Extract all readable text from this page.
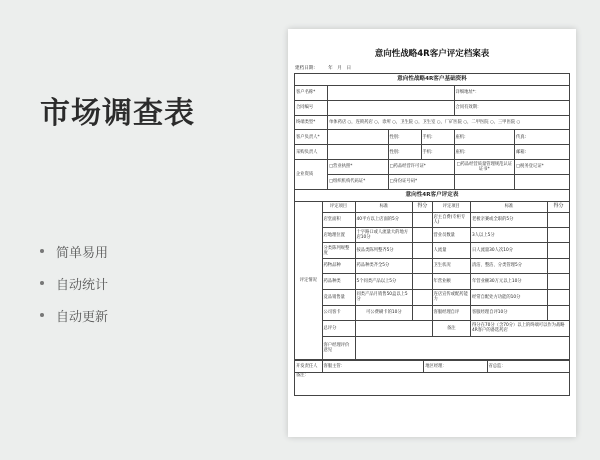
市场调查表
简单易用
自动统计
自动更新
意向性战略4R客户评定档案表
建档日期:	年　月　日
意向性战略4R客户基础资料					
客户名称*				详细地址*：	
合同编号				合同有效期：	
终端类型*	单体药店 ○，连锁药店 ○，诊所 ○，卫生院 ○，卫生室 ○，厂矿医院 ○，二甲医院 ○，三甲医院 ○				
客户负责人*		性别:	手机:	座机:	传真:
采购负责人		性别:	手机:	座机:	邮箱:
企业资质	□营业执照*	□药品经营许可证*		□药品经营质量管理规范认证证书*	□税务登记证*
	□组织机构代码证*	□身份证号码*			
意向性4R客户评定表						
评定情况	评定项目	标准	得分	评定项目	标准	得分
	店堂面积	40平方以上店面的5分		店主自费(专柜专人)	老板亲赛或全职的5分	
	店地理位置	十字路口或人流量大的地方店10分		营业员数量	3人以上5分	
	分类陈列规整度	按品类陈列整齐5分		人流量	日人流量30人次10分	
	药物品种	药品种类齐全5分		卫生状况	清洁、整洁、分类管理5分	
	药品种类	5个同类产品以上5分		年营业额	年营业额30万元以上10分	
	竞品销售量	同类产品月销售50盒以上5分		连店宣传或配药能力	经常自配处方功能的10分	
	公司客卡	可公费刷卡的10分		客服经理自评	客服经理自评10分	
	总评分			备注	得分在70分（含70分）以上的终端可以作为战略4R客户的备选药店	
	客户经理评价意见					
开发责任人	客服主管：	地区经理：	省总监：
备注：
